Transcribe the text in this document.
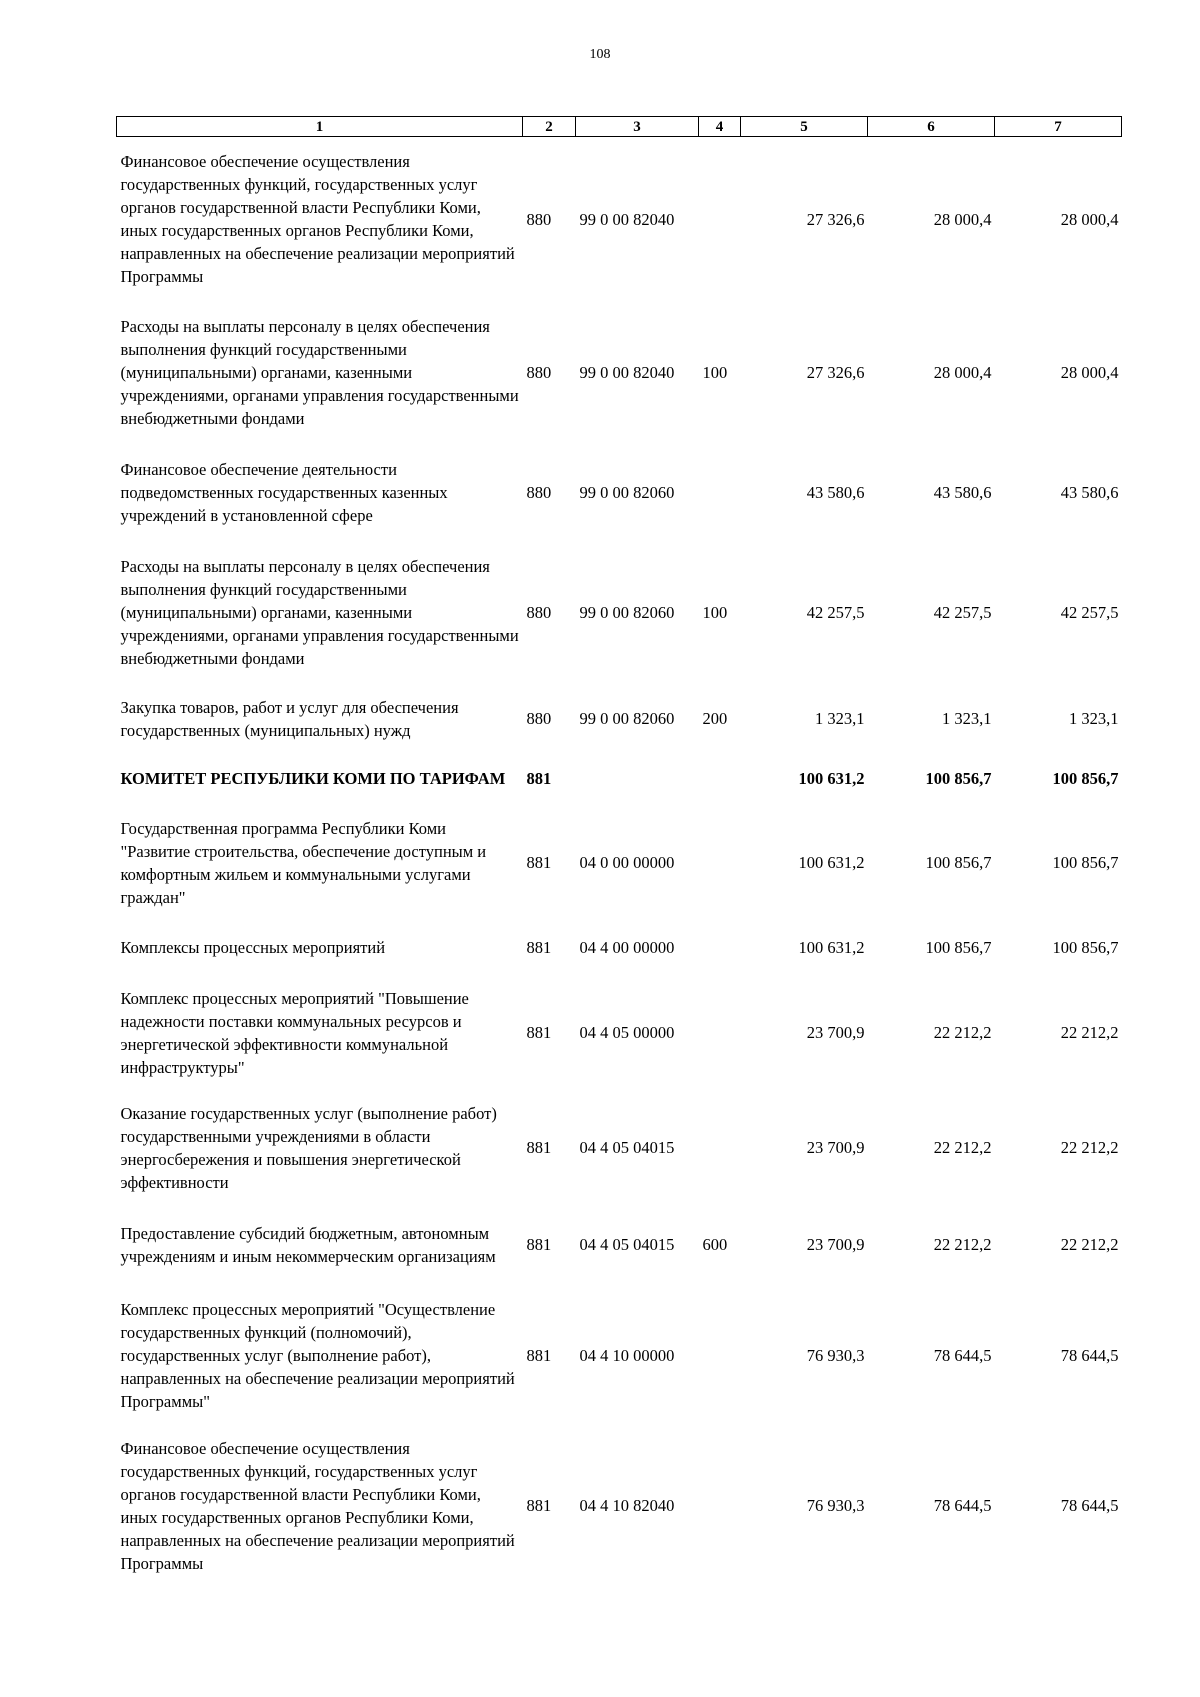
108
1	2	3	4	5	6	7
Финансовое обеспечение осуществления государственных функций, государственных услуг органов государственной власти Республики Коми, иных государственных органов Республики Коми, направленных на обеспечение реализации мероприятий Программы	880	99 0 00 82040		27 326,6	28 000,4	28 000,4
Расходы на выплаты персоналу в целях обеспечения выполнения функций государственными (муниципальными) органами, казенными учреждениями, органами управления государственными внебюджетными фондами	880	99 0 00 82040	100	27 326,6	28 000,4	28 000,4
Финансовое обеспечение деятельности подведомственных государственных казенных учреждений в установленной сфере	880	99 0 00 82060		43 580,6	43 580,6	43 580,6
Расходы на выплаты персоналу в целях обеспечения выполнения функций государственными (муниципальными) органами, казенными учреждениями, органами управления государственными внебюджетными фондами	880	99 0 00 82060	100	42 257,5	42 257,5	42 257,5
Закупка товаров, работ и услуг для обеспечения государственных (муниципальных) нужд	880	99 0 00 82060	200	1 323,1	1 323,1	1 323,1
КОМИТЕТ РЕСПУБЛИКИ КОМИ ПО ТАРИФАМ	881			100 631,2	100 856,7	100 856,7
Государственная программа Республики Коми "Развитие строительства, обеспечение доступным и комфортным жильем и коммунальными услугами граждан"	881	04 0 00 00000		100 631,2	100 856,7	100 856,7
Комплексы процессных мероприятий	881	04 4 00 00000		100 631,2	100 856,7	100 856,7
Комплекс процессных мероприятий "Повышение надежности поставки коммунальных ресурсов и энергетической эффективности коммунальной инфраструктуры"	881	04 4 05 00000		23 700,9	22 212,2	22 212,2
Оказание государственных услуг (выполнение работ) государственными учреждениями в области энергосбережения и повышения энергетической эффективности	881	04 4 05 04015		23 700,9	22 212,2	22 212,2
Предоставление субсидий бюджетным, автономным учреждениям и иным некоммерческим организациям	881	04 4 05 04015	600	23 700,9	22 212,2	22 212,2
Комплекс процессных мероприятий "Осуществление государственных функций (полномочий), государственных услуг (выполнение работ), направленных на обеспечение реализации мероприятий Программы"	881	04 4 10 00000		76 930,3	78 644,5	78 644,5
Финансовое обеспечение осуществления государственных функций, государственных услуг органов государственной власти Республики Коми, иных государственных органов Республики Коми, направленных на обеспечение реализации мероприятий Программы	881	04 4 10 82040		76 930,3	78 644,5	78 644,5
